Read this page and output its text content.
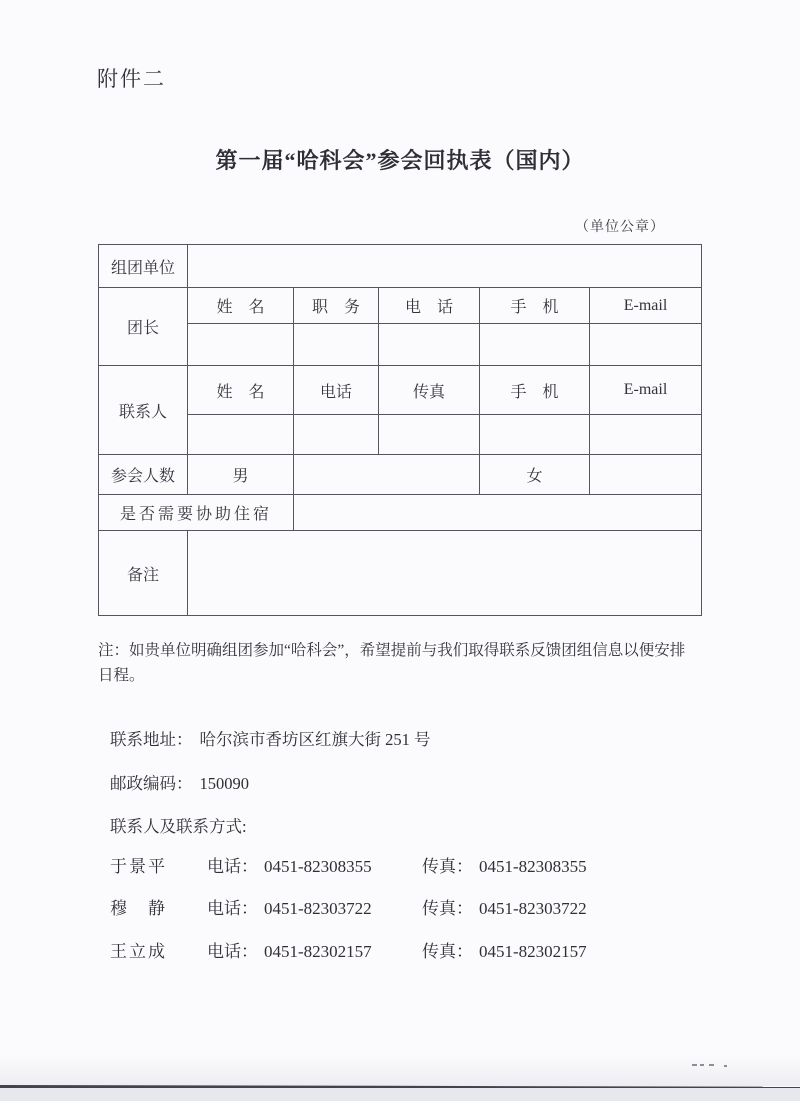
附件二
第一届“哈科会”参会回执表（国内）
（单位公章）
组团单位					
团长	姓　名	职　务	电　话	手　机	E-mail

联系人	姓　名	电话	传真	手　机	E-mail

参会人数	男			女	
是否需要协助住宿					
备注					
注：如贵单位明确组团参加“哈科会”，希望提前与我们取得联系反馈团组信息以便安排
日程。
联系地址： 哈尔滨市香坊区红旗大街 251 号
邮政编码： 150090
联系人及联系方式:
于景平 电话： 0451-82308355	传真： 0451-82308355
穆　静 电话： 0451-82303722	传真： 0451-82303722
王立成 电话： 0451-82302157	传真： 0451-82302157
